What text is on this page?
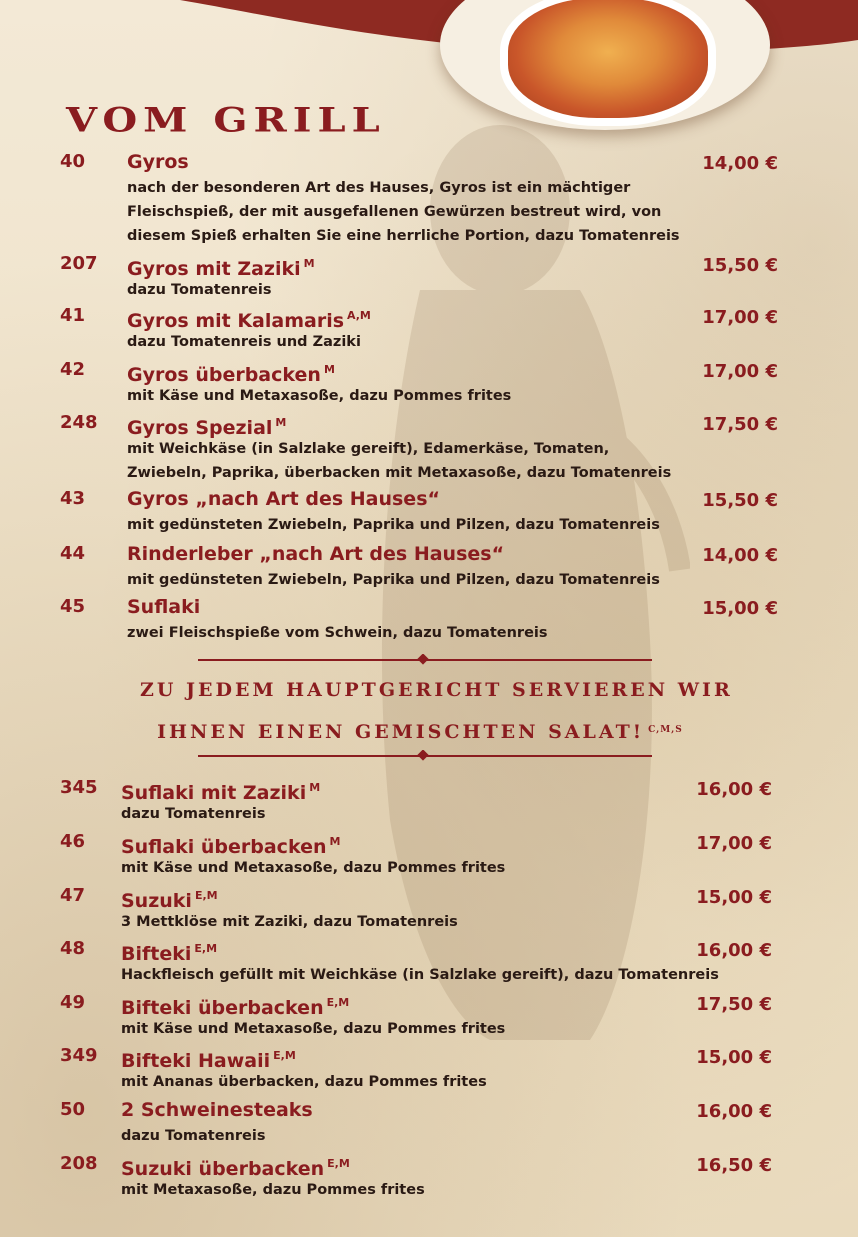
VOM GRILL
40	Gyros
nach der besonderen Art des Hauses, Gyros ist ein mächtiger
Fleischspieß, der mit ausgefallenen Gewürzen bestreut wird, von
diesem Spieß erhalten Sie eine herrliche Portion, dazu Tomatenreis
14,00 €
207	Gyros mit Zaziki $^M$
dazu Tomatenreis
15,50 €
41	Gyros mit Kalamaris $^{A,M}$
dazu Tomatenreis und Zaziki
17,00 €
42	Gyros überbacken $^M$
mit Käse und Metaxasoße, dazu Pommes frites
17,00 €
248	Gyros Spezial $^M$
mit Weichkäse (in Salzlake gereift), Edamerkäse, Tomaten,
Zwiebeln, Paprika, überbacken mit Metaxasoße, dazu Tomatenreis
17,50 €
43	Gyros „nach Art des Hauses“
mit gedünsteten Zwiebeln, Paprika und Pilzen, dazu Tomatenreis
15,50 €
44	Rinderleber „nach Art des Hauses“
mit gedünsteten Zwiebeln, Paprika und Pilzen, dazu Tomatenreis
14,00 €
45	Suflaki
zwei Fleischspieße vom Schwein, dazu Tomatenreis
15,00 €
ZU JEDEM HAUPTGERICHT SERVIEREN WIR
IHNEN EINEN GEMISCHTEN SALAT! $^{C,M,S}$
345	Suflaki mit Zaziki $^M$
dazu Tomatenreis
16,00 €
46	Suflaki überbacken $^M$
mit Käse und Metaxasoße, dazu Pommes frites
17,00 €
47	Suzuki $^{E,M}$
3 Mettklöse mit Zaziki, dazu Tomatenreis
15,00 €
48	Bifteki $^{E,M}$
Hackfleisch gefüllt mit Weichkäse (in Salzlake gereift), dazu Tomatenreis
16,00 €
49	Bifteki überbacken $^{E,M}$
mit Käse und Metaxasoße, dazu Pommes frites
17,50 €
349	Bifteki Hawaii $^{E,M}$
mit Ananas überbacken, dazu Pommes frites
15,00 €
50	2 Schweinesteaks
dazu Tomatenreis
16,00 €
208	Suzuki überbacken $^{E,M}$
mit Metaxasoße, dazu Pommes frites
16,50 €
